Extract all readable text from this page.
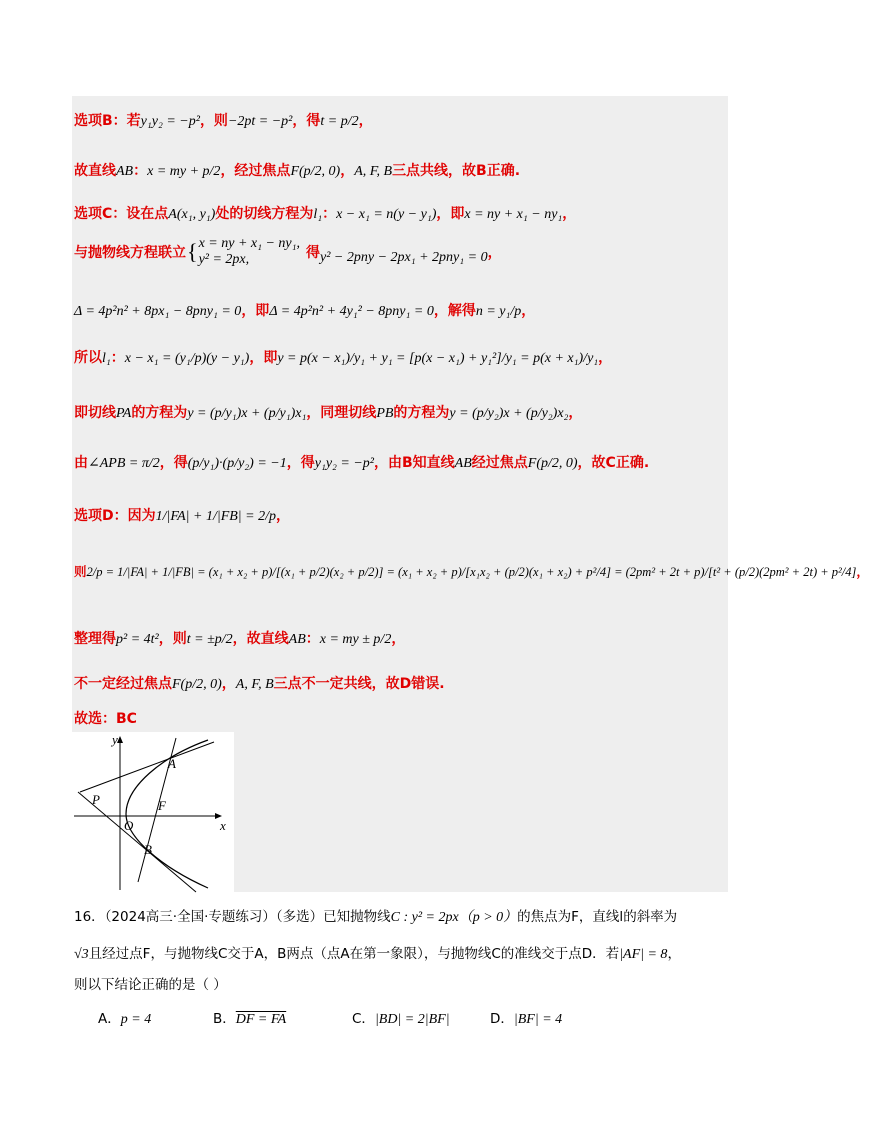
选项B：若y₁y₂ = −p²，则−2pt = −p²，得t = p/2，
故直线AB：x = my + p/2，经过焦点F(p/2, 0)，A, F, B三点共线，故B正确.
选项C：设在点A(x₁, y₁)处的切线方程为l₁：x − x₁ = n(y − y₁)，即x = ny + x₁ − ny₁，
与抛物线方程联立{ x = ny + x₁ − ny₁,
y² = 2px,	得y² − 2pny − 2px₁ + 2pny₁ = 0，
Δ = 4p²n² + 8px₁ − 8pny₁ = 0，即Δ = 4p²n² + 4y₁² − 8pny₁ = 0，解得n = y₁/p，
所以l₁：x − x₁ = (y₁/p)(y − y₁)，即y = p(x − x₁)/y₁ + y₁ = [p(x − x₁) + y₁²]/y₁ = p(x + x₁)/y₁，
即切线PA的方程为y = (p/y₁)x + (p/y₁)x₁，同理切线PB的方程为y = (p/y₂)x + (p/y₂)x₂，
由∠APB = π/2，得(p/y₁)·(p/y₂) = −1，得y₁y₂ = −p²，由B知直线AB经过焦点F(p/2, 0)，故C正确.
选项D：因为1/|FA| + 1/|FB| = 2/p，
则2/p = 1/|FA| + 1/|FB| = (x₁ + x₂ + p)/[(x₁ + p/2)(x₂ + p/2)] = (x₁ + x₂ + p)/[x₁x₂ + (p/2)(x₁ + x₂) + p²/4] = (2pm² + 2t + p)/[t² + (p/2)(2pm² + 2t) + p²/4]，
整理得p² = 4t²，则t = ±p/2，故直线AB：x = my ± p/2，
不一定经过焦点F(p/2, 0)，A, F, B三点不一定共线，故D错误.
故选：BC
y
x
A
P	F
O
B
16．（2024高三·全国·专题练习）（多选）已知抛物线C : y² = 2px（p > 0）的焦点为F，直线l的斜率为
√3且经过点F，与抛物线C交于A，B两点（点A在第一象限），与抛物线C的准线交于点D．若|AF| = 8，
则以下结论正确的是（ ）
A．p = 4	B．DF = FA	C．|BD| = 2|BF|	D．|BF| = 4
